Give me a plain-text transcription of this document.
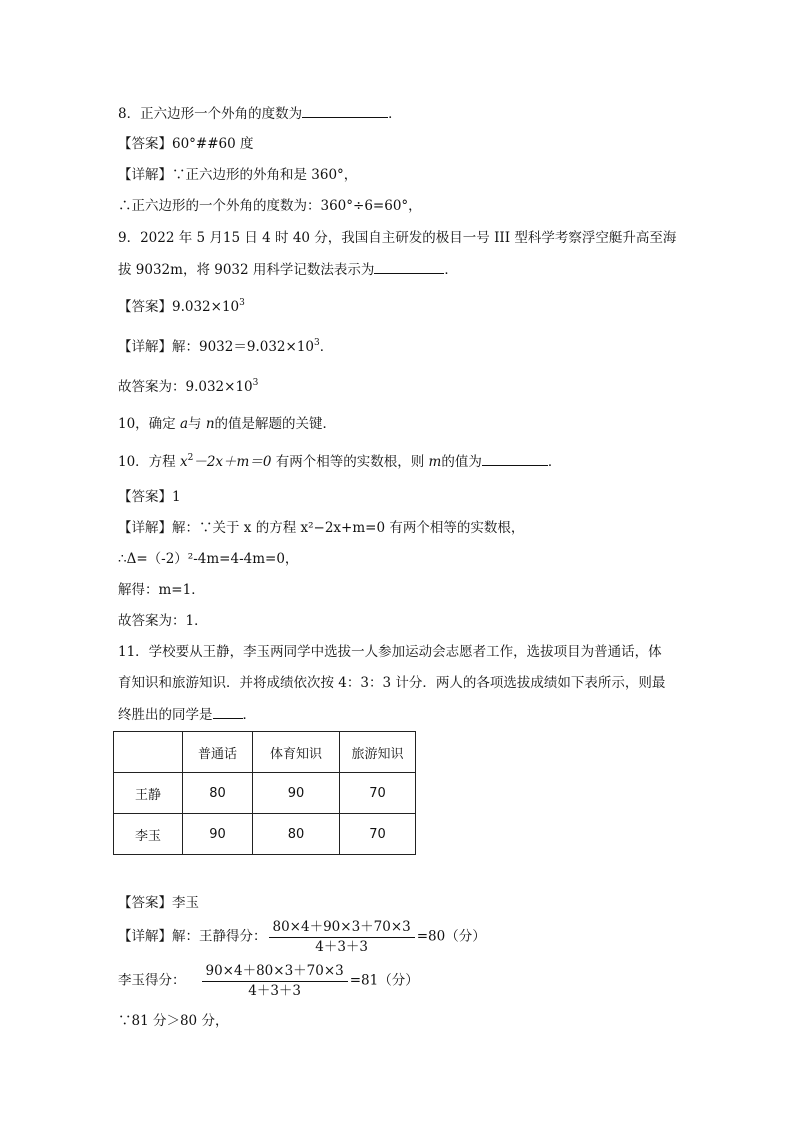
8．正六边形一个外角的度数为	．
【答案】60°##60 度
【详解】∵正六边形的外角和是 360°，
∴正六边形的一个外角的度数为：360°÷6=60°，
9．2022 年 5 月15 日 4 时 40 分，我国自主研发的极目一号 III 型科学考察浮空艇升高至海
拔 9032m，将 9032 用科学记数法表示为	．
【答案】$9.032\times 10^3$
【详解】解：$9032=9.032\times 10^3$．
故答案为：$9.032\times 10^3$
10，确定 a与 n的值是解题的关键．
10．方程 $x^2-2x+m=0$ 有两个相等的实数根，则 m的值为	．
【答案】1
【详解】解：∵关于 x 的方程 x²−2x+m=0 有两个相等的实数根，
∴Δ=（-2）²-4m=4-4m=0，
解得：m=1．
故答案为：1．
11．学校要从王静，李玉两同学中选拔一人参加运动会志愿者工作，选拔项目为普通话，体
育知识和旅游知识．并将成绩依次按 4：3：3 计分．两人的各项选拔成绩如下表所示，则最
终胜出的同学是 ．
	普通话	体育知识	旅游知识
王静	80	90	70
李玉	90	80	70
【答案】李玉
【详解】解：王静得分： $\frac{80\times 4+90\times 3+70\times 3}{4+3+3} =80$（分）
李玉得分： $\frac{90\times 4+80\times 3+70\times 3}{4+3+3} =81$（分）
∵81 分＞80 分，
